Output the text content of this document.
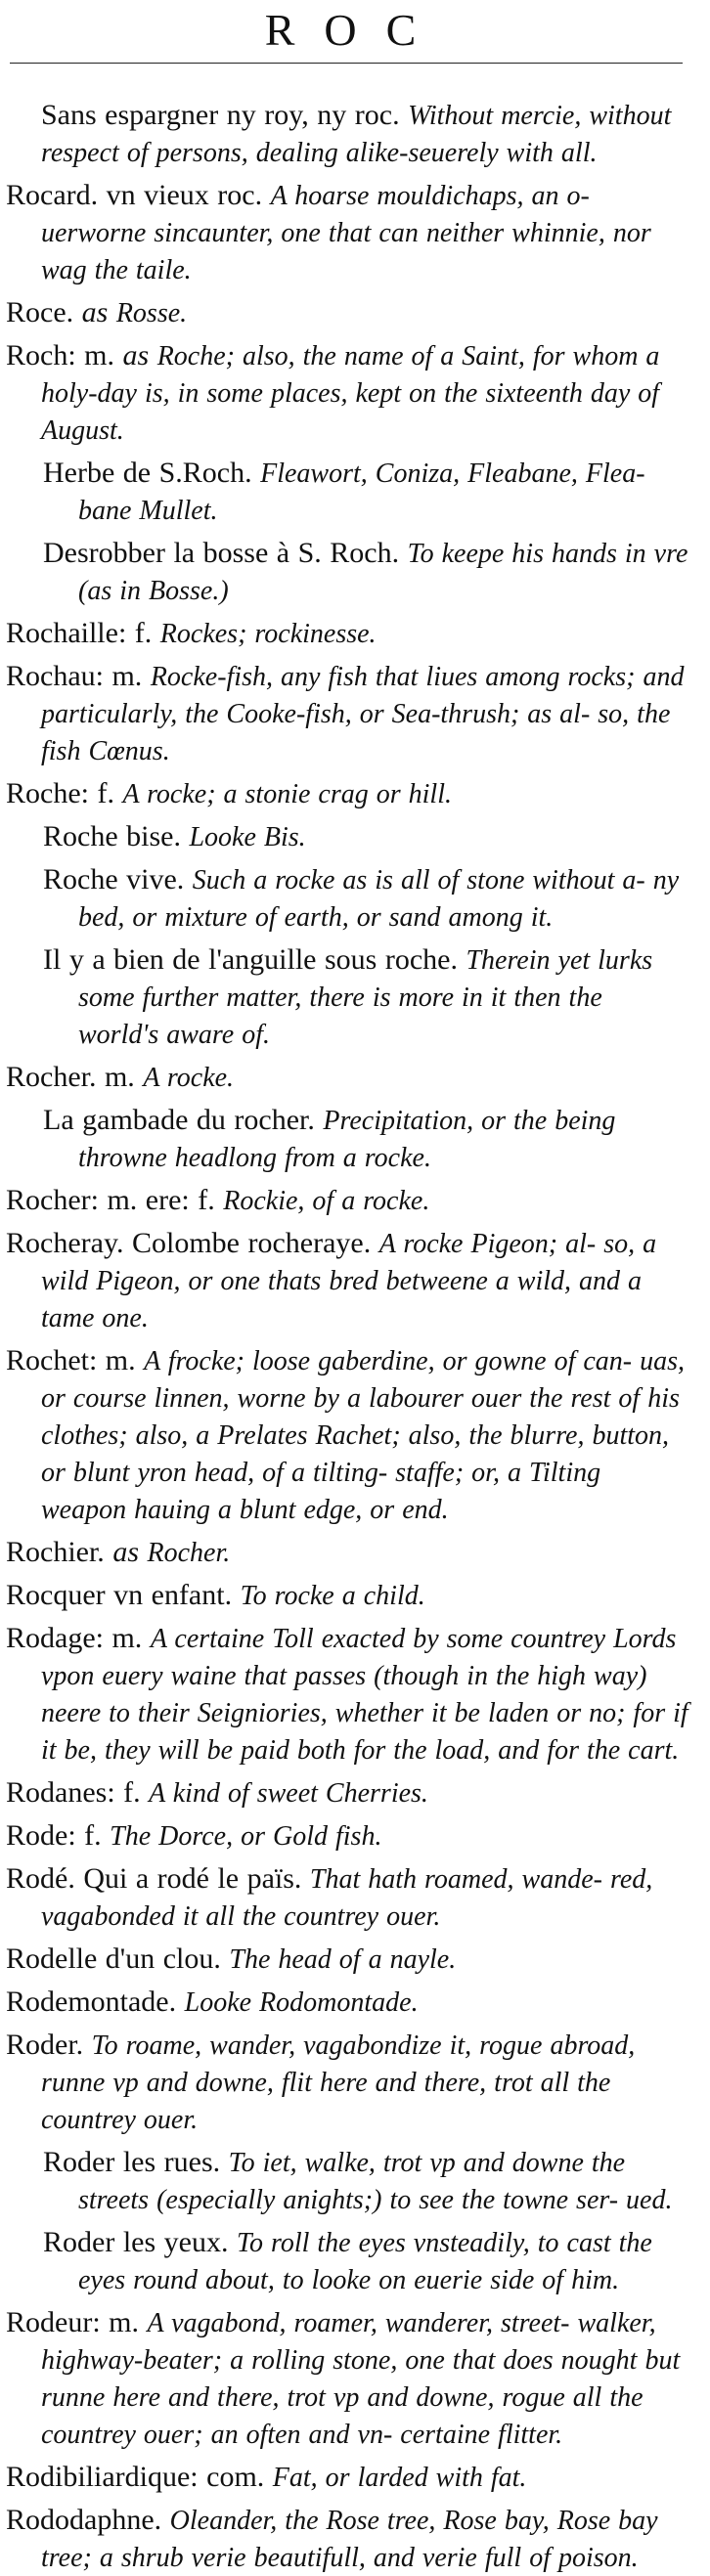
ROC
Sans espargner ny roy, ny roc. Without mercie, without respect of persons, dealing alike-seuerely with all.
Rocard. vn vieux roc. A hoarse mouldichaps, an o- uerworne sincaunter, one that can neither whinnie, nor wag the taile.
Roce. as Rosse.
Roch: m. as Roche; also, the name of a Saint, for whom a holy-day is, in some places, kept on the sixteenth day of August.
Herbe de S.Roch. Fleawort, Coniza, Fleabane, Flea- bane Mullet.
Desrobber la bosse à S. Roch. To keepe his hands in vre (as in Bosse.)
Rochaille: f. Rockes; rockinesse.
Rochau: m. Rocke-fish, any fish that liues among rocks; and particularly, the Cooke-fish, or Sea-thrush; as al- so, the fish Cœnus.
Roche: f. A rocke; a stonie crag or hill.
Roche bise. Looke Bis.
Roche vive. Such a rocke as is all of stone without a- ny bed, or mixture of earth, or sand among it.
Il y a bien de l'anguille sous roche. Therein yet lurks some further matter, there is more in it then the world's aware of.
Rocher. m. A rocke.
La gambade du rocher. Precipitation, or the being throwne headlong from a rocke.
Rocher: m. ere: f. Rockie, of a rocke.
Rocheray. Colombe rocheraye. A rocke Pigeon; al- so, a wild Pigeon, or one thats bred betweene a wild, and a tame one.
Rochet: m. A frocke; loose gaberdine, or gowne of can- uas, or course linnen, worne by a labourer ouer the rest of his clothes; also, a Prelates Rachet; also, the blurre, button, or blunt yron head, of a tilting- staffe; or, a Tilting weapon hauing a blunt edge, or end.
Rochier. as Rocher.
Rocquer vn enfant. To rocke a child.
Rodage: m. A certaine Toll exacted by some countrey Lords vpon euery waine that passes (though in the high way) neere to their Seigniories, whether it be laden or no; for if it be, they will be paid both for the load, and for the cart.
Rodanes: f. A kind of sweet Cherries.
Rode: f. The Dorce, or Gold fish.
Rodé. Qui a rodé le païs. That hath roamed, wande- red, vagabonded it all the countrey ouer.
Rodelle d'un clou. The head of a nayle.
Rodemontade. Looke Rodomontade.
Roder. To roame, wander, vagabondize it, rogue abroad, runne vp and downe, flit here and there, trot all the countrey ouer.
Roder les rues. To iet, walke, trot vp and downe the streets (especially anights;) to see the towne ser- ued.
Roder les yeux. To roll the eyes vnsteadily, to cast the eyes round about, to looke on euerie side of him.
Rodeur: m. A vagabond, roamer, wanderer, street- walker, highway-beater; a rolling stone, one that does nought but runne here and there, trot vp and downe, rogue all the countrey ouer; an often and vn- certaine flitter.
Rodibiliardique: com. Fat, or larded with fat.
Rododaphne. Oleander, the Rose tree, Rose bay, Rose bay tree; a shrub verie beautifull, and verie full of poison.
